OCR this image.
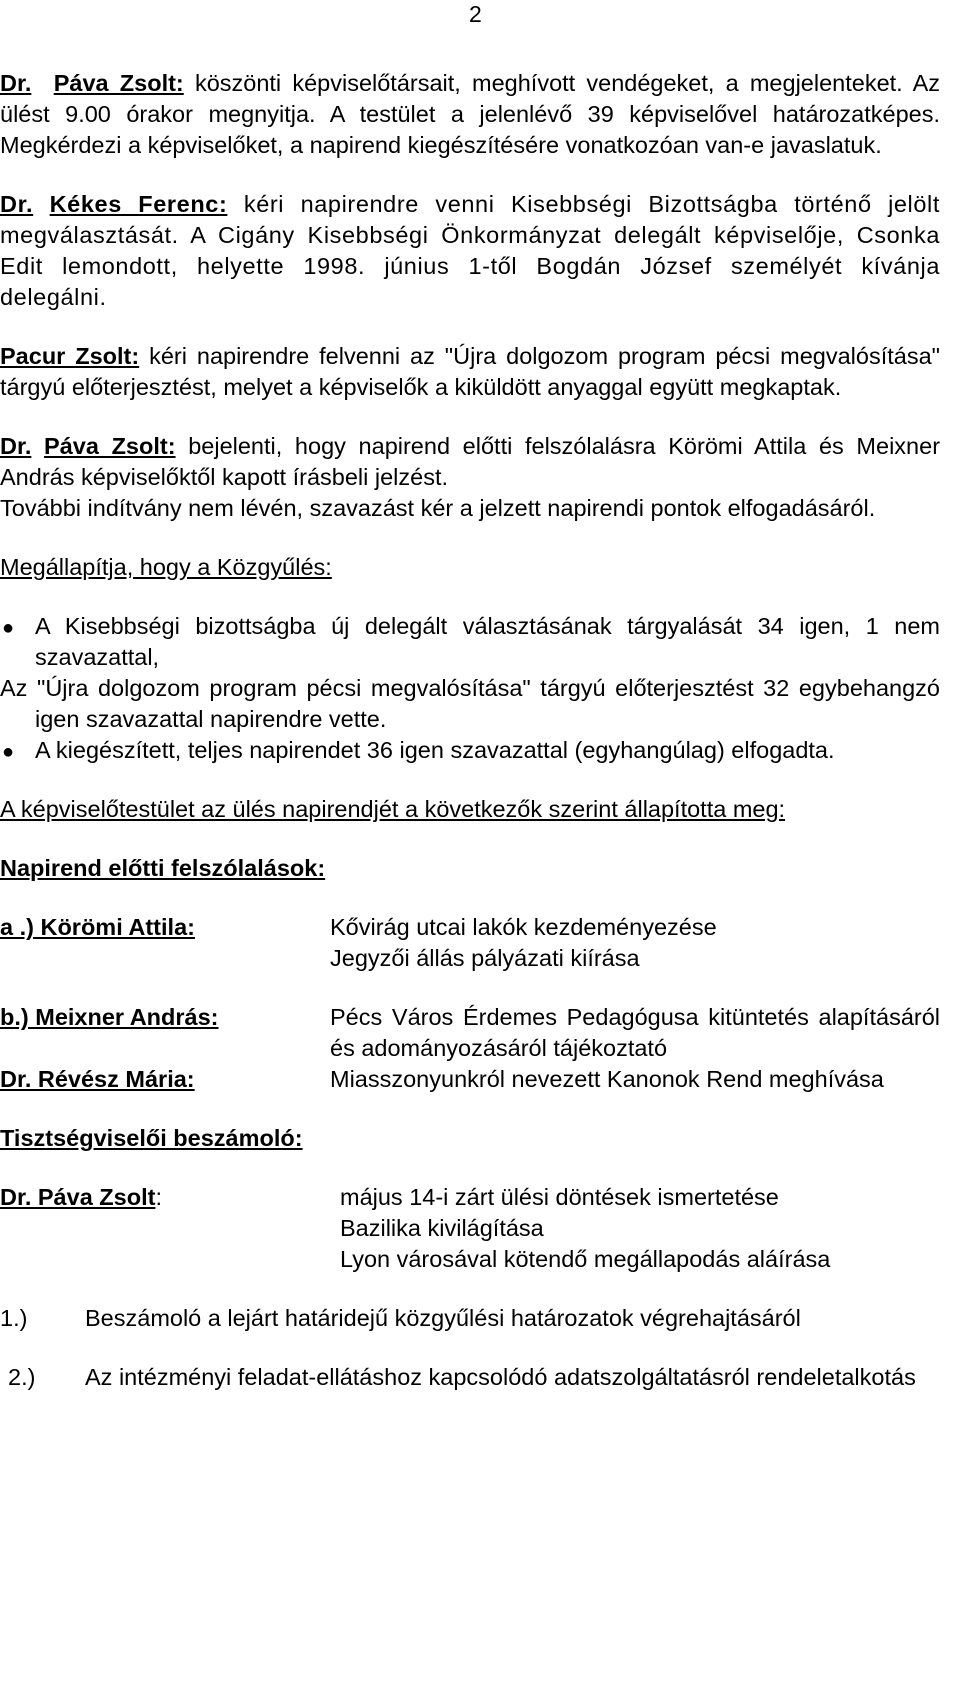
2

Dr. Páva Zsolt: köszönti képviselőtársait, meghívott vendégeket, a megjelenteket. Az ülést 9.00 órakor megnyitja. A testület a jelenlévő 39 képviselővel határozatképes. Megkérdezi a képviselőket, a napirend kiegészítésére vonatkozóan van-e javaslatuk.

Dr. Kékes Ferenc: kéri napirendre venni Kisebbségi Bizottságba történő jelölt megválasztását. A Cigány Kisebbségi Önkormányzat delegált képviselője, Csonka Edit lemondott, helyette 1998. június 1-től Bogdán József személyét kívánja delegálni.

Pacur Zsolt: kéri napirendre felvenni az "Újra dolgozom program pécsi megvalósítása" tárgyú előterjesztést, melyet a képviselők a kiküldött anyaggal együtt megkaptak.

Dr. Páva Zsolt: bejelenti, hogy napirend előtti felszólalásra Körömi Attila és Meixner András képviselőktől kapott írásbeli jelzést.

További indítvány nem lévén, szavazást kér a jelzett napirendi pontok elfogadásáról.

Megállapítja, hogy a Közgyűlés:

● A Kisebbségi bizottságba új delegált választásának tárgyalását 34 igen, 1 nem szavazattal,
Az "Újra dolgozom program pécsi megvalósítása" tárgyú előterjesztést 32 egybehangzó igen szavazattal napirendre vette.
● A kiegészített, teljes napirendet 36 igen szavazattal (egyhangúlag) elfogadta.

A képviselőtestület az ülés napirendjét a következők szerint állapította meg:

Napirend előtti felszólalások:

a .) Körömi Attila:	Kővirág utcai lakók kezdeményezése
Jegyzői állás pályázati kiírása
b.) Meixner András:	Pécs Város Érdemes Pedagógusa kitüntetés alapításáról és adományozásáról tájékoztató
Dr. Révész Mária:	Miasszonyunkról nevezett Kanonok Rend meghívása

Tisztségviselői beszámoló:

Dr. Páva Zsolt:	május 14-i zárt ülési döntések ismertetése
Bazilika kivilágítása
Lyon városával kötendő megállapodás aláírása
1.)	Beszámoló a lejárt határidejű közgyűlési határozatok végrehajtásáról
2.)	Az intézményi feladat-ellátáshoz kapcsolódó adatszolgáltatásról rendeletalkotás
